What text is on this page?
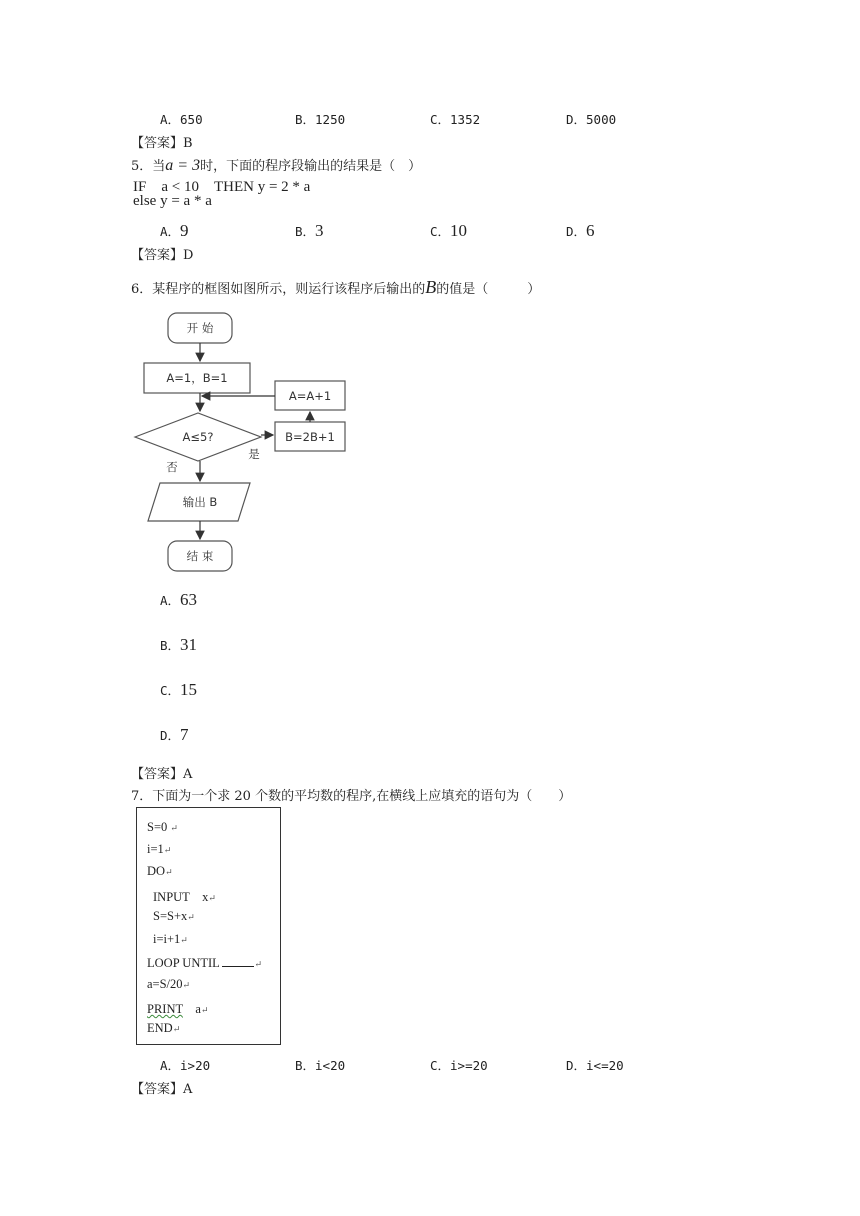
A．650	B．1250	C．1352	D．5000
【答案】B
5．当a = 3时，下面的程序段输出的结果是（　）
IF　a < 10　THEN y = 2 * a
else y = a * a
A．9	B．3	C．10	D．6
【答案】D
6．某程序的框图如图所示，则运行该程序后输出的B的值是（　　　）
开 始
A=1，B=1
A≤5?
A=A+1
B=2B+1
是
否
输出 B
结 束
A．63
B．31
C．15
D．7
【答案】A
7．下面为一个求 20 个数的平均数的程序,在横线上应填充的语句为（　　）
S=0 ↵
i=1↵
DO↵
INPUT　x↵
S=S+x↵
i=i+1↵
LOOP UNTIL	↵
a=S/20↵
PRINT　 a↵
END↵
A．i>20	B．i<20	C．i>=20	D．i<=20
【答案】A
